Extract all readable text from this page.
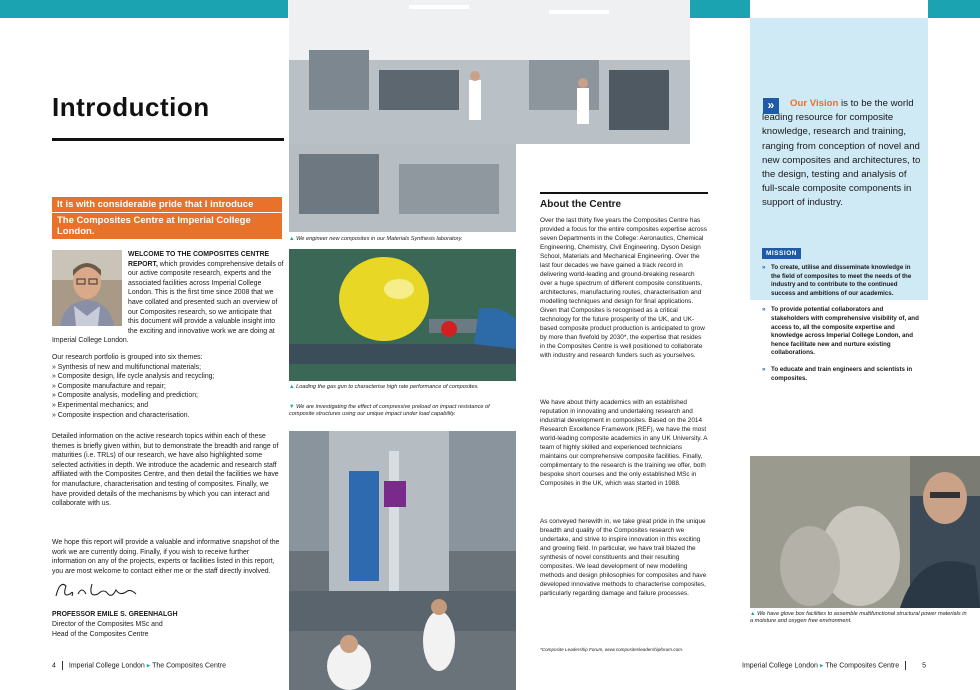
Introduction
It is with considerable pride that I introduce
The Composites Centre at Imperial College London.
WELCOME TO THE COMPOSITES CENTRE REPORT, which provides comprehensive details of our active composite research, experts and the associated facilities across Imperial College London. This is the first time since 2008 that we have collated and presented such an overview of our Composites research, so we anticipate that this document will provide a valuable insight into the exciting and innovative work we are doing at Imperial College London.
Our research portfolio is grouped into six themes:
» Synthesis of new and multifunctional materials;
» Composite design, life cycle analysis and recycling;
» Composite manufacture and repair;
» Composite analysis, modelling and prediction;
» Experimental mechanics; and
» Composite inspection and characterisation.
Detailed information on the active research topics within each of these themes is briefly given within, but to demonstrate the breadth and range of maturities (i.e. TRLs) of our research, we have also highlighted some selected activities in depth. We introduce the academic and research staff affiliated with the Composites Centre, and then detail the facilities we have for manufacture, characterisation and testing of composites. Finally, we have provided details of the mechanisms by which you can interact and collaborate with us.
We hope this report will provide a valuable and informative snapshot of the work we are currently doing. Finally, if you wish to receive further information on any of the projects, experts or facilities listed in this report, you are most welcome to contact either me or the staff directly involved.
PROFESSOR EMILE S. GREENHALGH
Director of the Composites MSc and
Head of the Composites Centre
4 Imperial College London ▸ The Composites Centre
▲ We engineer new composites in our Materials Synthesis laboratory.
▲ Loading the gas gun to characterise high rate performance of composites.
▼ We are investigating the effect of compressive preload on impact resistance of composite structures using our unique impact under load capability.
About the Centre
Over the last thirty five years the Composites Centre has provided a focus for the entire composites expertise across seven Departments in the College: Aeronautics, Chemical Engineering, Chemistry, Civil Engineering, Dyson Design School, Materials and Mechanical Engineering. Over the last four decades we have gained a track record in delivering world-leading and ground-breaking research over a huge spectrum of different composite constituents, architectures, manufacturing routes, characterisation and modelling techniques and design for final applications. Given that Composites is recognised as a critical technology for the future prosperity of the UK, and UK-based composite product production is anticipated to grow by more than fivefold by 2030*, the expertise that resides in the Composites Centre is well positioned to collaborate with industry and research funders such as yourselves.
We have about thirty academics with an established reputation in innovating and undertaking research and industrial development in composites. Based on the 2014 Research Excellence Framework (REF), we have the most world-leading composite academics in any UK University. A team of highly skilled and experienced technicians maintains our comprehensive composite facilities. Finally, complimentary to the research is the training we offer, both bespoke short courses and the only established MSc in Composites in the UK, which was started in 1988.
As conveyed herewith in, we take great pride in the unique breadth and quality of the Composites research we undertake, and strive to inspire innovation in this exciting and growing field. In particular, we have trail blazed the synthesis of novel constituents and their resulting composites. We lead development of new modelling methods and design philosophies for composites and have developed innovative methods to characterise composites, particularly regarding damage and failure processes.
*Composite Leadership Forum, www.compositesleadershipforum.com.
»	Our Vision is to be the world leading resource for composite knowledge, research and training, ranging from conception of novel and new composites and architectures, to the design, testing and analysis of full-scale composite components in support of industry.
MISSION
» To create, utilise and disseminate knowledge in the field of composites to meet the needs of the industry and to contribute to the continued success and ambitions of our academics.
» To provide potential collaborators and stakeholders with comprehensive visibility of, and access to, all the composite expertise and knowledge across Imperial College London, and hence facilitate new and nurture existing collaborations.
» To educate and train engineers and scientists in composites.
▲ We have glove box facilities to assemble multifunctional structural power materials in a moisture and oxygen free environment.
Imperial College London ▸ The Composites Centre	5
